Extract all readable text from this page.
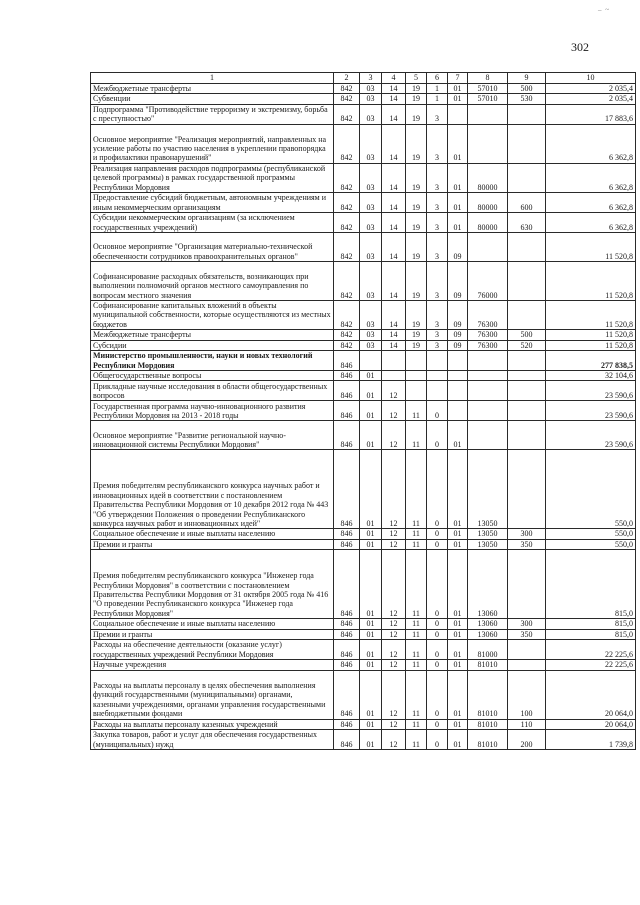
302
– ~
1	2	3	4	5	6	7	8	9	10
Межбюджетные трансферты	842	03	14	19	1	01	57010	500	2 035,4
Субвенции	842	03	14	19	1	01	57010	530	2 035,4
Подпрограмма "Противодействие терроризму и экстремизму, борьба с преступностью"	842	03	14	19	3				17 883,6
Основное мероприятие "Реализация мероприятий, направленных на усиление работы по участию населения в укреплении правопорядка и профилактики правонарушений"	842	03	14	19	3	01			6 362,8
Реализация направления расходов подпрограммы (республиканской целевой программы) в рамках государственной программы Республики Мордовия	842	03	14	19	3	01	80000		6 362,8
Предоставление субсидий бюджетным, автономным учреждениям и иным некоммерческим организациям	842	03	14	19	3	01	80000	600	6 362,8
Субсидии некоммерческим организациям (за исключением государственных учреждений)	842	03	14	19	3	01	80000	630	6 362,8
Основное мероприятие "Организация материально-технической обеспеченности сотрудников правоохранительных органов"	842	03	14	19	3	09			11 520,8
Софинансирование расходных обязательств, возникающих при выполнении полномочий органов местного самоуправления по вопросам местного значения	842	03	14	19	3	09	76000		11 520,8
Софинансирование капитальных вложений в объекты муниципальной собственности, которые осуществляются из местных бюджетов	842	03	14	19	3	09	76300		11 520,8
Межбюджетные трансферты	842	03	14	19	3	09	76300	500	11 520,8
Субсидии	842	03	14	19	3	09	76300	520	11 520,8
Министерство промышленности, науки и новых технологий Республики Мордовия	846								277 838,5
Общегосударственные вопросы	846	01							32 104,6
Прикладные научные исследования в области общегосударственных вопросов	846	01	12						23 590,6
Государственная программа научно-инновационного развития Республики Мордовия на 2013 - 2018 годы	846	01	12	11	0				23 590,6
Основное мероприятие "Развитие региональной научно-инновационной системы Республики Мордовия"	846	01	12	11	0	01			23 590,6
Премия победителям республиканского конкурса научных работ и инновационных идей в соответствии с постановлением Правительства Республики Мордовия от 10 декабря 2012 года № 443 "Об утверждении Положения о проведении Республиканского конкурса научных работ и инновационных идей"	846	01	12	11	0	01	13050		550,0
Социальное обеспечение и иные выплаты населению	846	01	12	11	0	01	13050	300	550,0
Премии и гранты	846	01	12	11	0	01	13050	350	550,0
Премия победителям республиканского конкурса "Инженер года Республики Мордовия" в соответствии с постановлением Правительства Республики Мордовия от 31 октября 2005 года № 416 "О проведении Республиканского конкурса "Инженер года Республики Мордовия"	846	01	12	11	0	01	13060		815,0
Социальное обеспечение и иные выплаты населению	846	01	12	11	0	01	13060	300	815,0
Премии и гранты	846	01	12	11	0	01	13060	350	815,0
Расходы на обеспечение деятельности (оказание услуг) государственных учреждений Республики Мордовия	846	01	12	11	0	01	81000		22 225,6
Научные учреждения	846	01	12	11	0	01	81010		22 225,6
Расходы на выплаты персоналу в целях обеспечения выполнения функций государственными (муниципальными) органами, казенными учреждениями, органами управления государственными внебюджетными фондами	846	01	12	11	0	01	81010	100	20 064,0
Расходы на выплаты персоналу казенных учреждений	846	01	12	11	0	01	81010	110	20 064,0
Закупка товаров, работ и услуг для обеспечения государственных (муниципальных) нужд	846	01	12	11	0	01	81010	200	1 739,8
